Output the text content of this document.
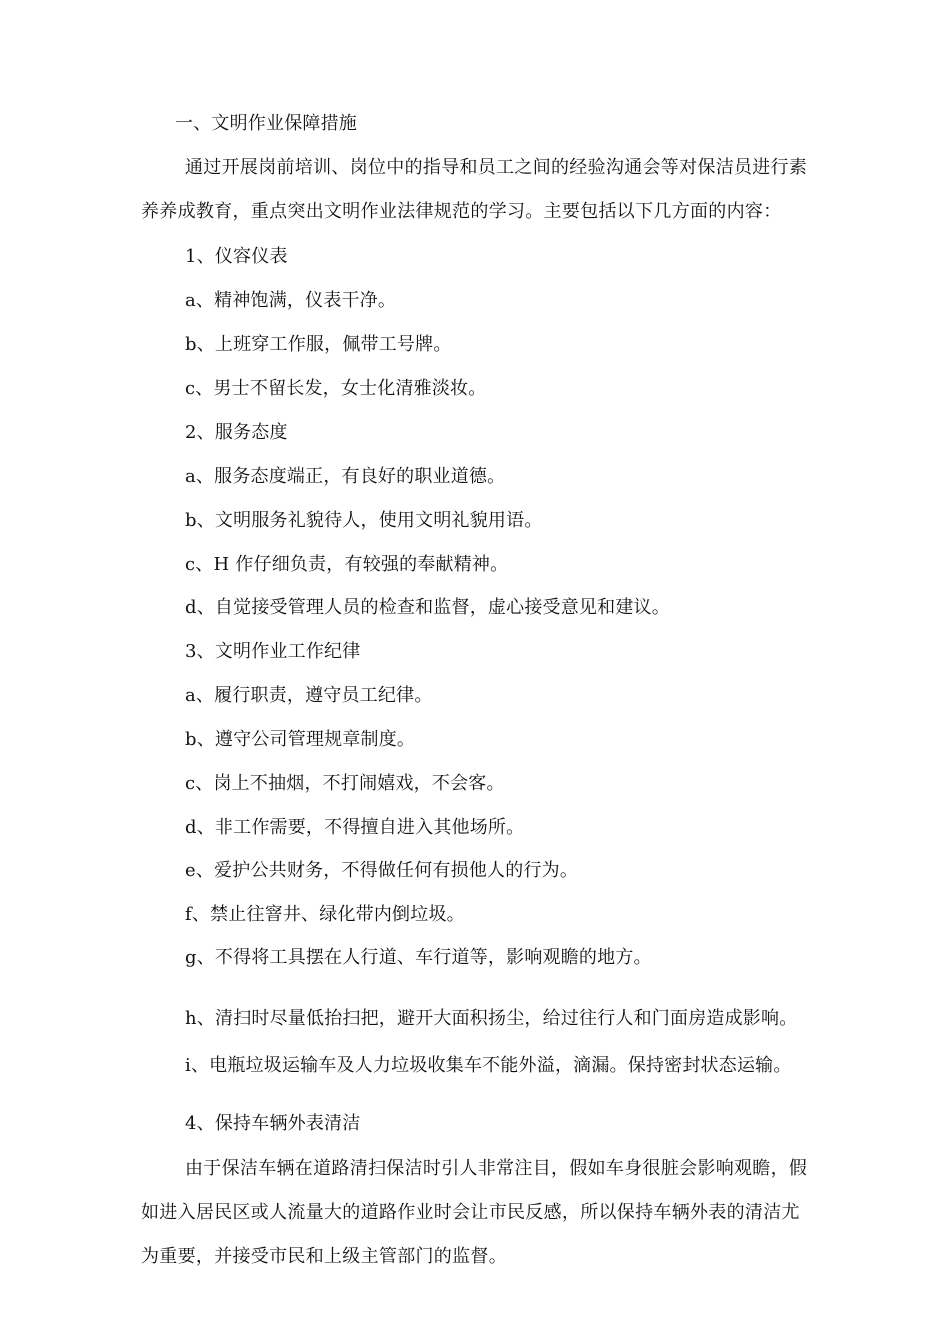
一、文明作业保障措施
通过开展岗前培训、岗位中的指导和员工之间的经验沟通会等对保洁员进行素
养养成教育，重点突出文明作业法律规范的学习。主要包括以下几方面的内容：
1、仪容仪表
a、精神饱满，仪表干净。
b、上班穿工作服，佩带工号牌。
c、男士不留长发，女士化清雅淡妆。
2、服务态度
a、服务态度端正，有良好的职业道德。
b、文明服务礼貌待人，使用文明礼貌用语。
c、H 作仔细负责，有较强的奉献精神。
d、自觉接受管理人员的检查和监督，虚心接受意见和建议。
3、文明作业工作纪律
a、履行职责，遵守员工纪律。
b、遵守公司管理规章制度。
c、岗上不抽烟，不打闹嬉戏，不会客。
d、非工作需要，不得擅自进入其他场所。
e、爱护公共财务，不得做任何有损他人的行为。
f、禁止往窨井、绿化带内倒垃圾。
g、不得将工具摆在人行道、车行道等，影响观瞻的地方。
h、清扫时尽量低抬扫把，避开大面积扬尘，给过往行人和门面房造成影响。
i、电瓶垃圾运输车及人力垃圾收集车不能外溢，滴漏。保持密封状态运输。
4、保持车辆外表清洁
由于保洁车辆在道路清扫保洁时引人非常注目，假如车身很脏会影响观瞻，假
如进入居民区或人流量大的道路作业时会让市民反感，所以保持车辆外表的清洁尤
为重要，并接受市民和上级主管部门的监督。
